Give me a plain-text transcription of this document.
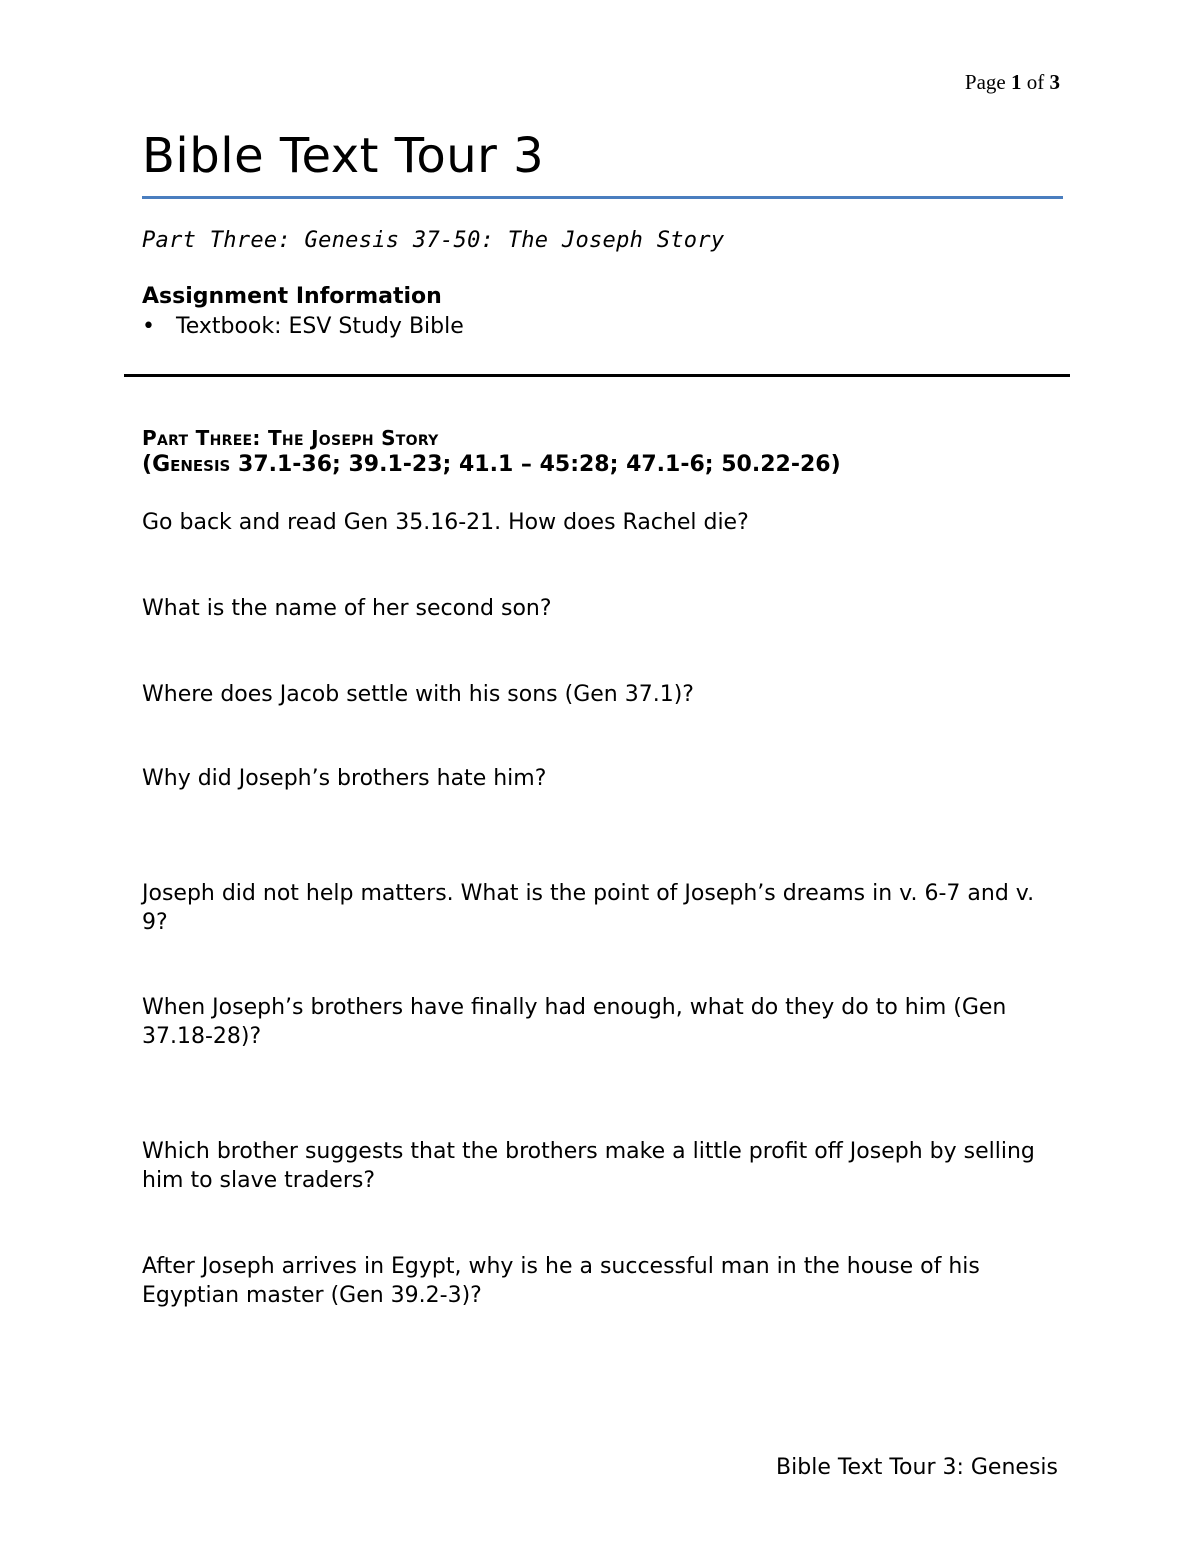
Page 1 of 3
Bible Text Tour 3
Part Three: Genesis 37-50: The Joseph Story
Assignment Information
• Textbook: ESV Study Bible
Part Three: The Joseph Story
(Genesis 37.1-36; 39.1-23; 41.1 – 45:28; 47.1-6; 50.22-26)

Go back and read Gen 35.16-21. How does Rachel die?

What is the name of her second son?

Where does Jacob settle with his sons (Gen 37.1)?

Why did Joseph’s brothers hate him?

Joseph did not help matters. What is the point of Joseph’s dreams in v. 6-7 and v. 9?

When Joseph’s brothers have finally had enough, what do they do to him (Gen 37.18-28)?

Which brother suggests that the brothers make a little profit off Joseph by selling him to slave traders?

After Joseph arrives in Egypt, why is he a successful man in the house of his Egyptian master (Gen 39.2-3)?

Bible Text Tour 3: Genesis
